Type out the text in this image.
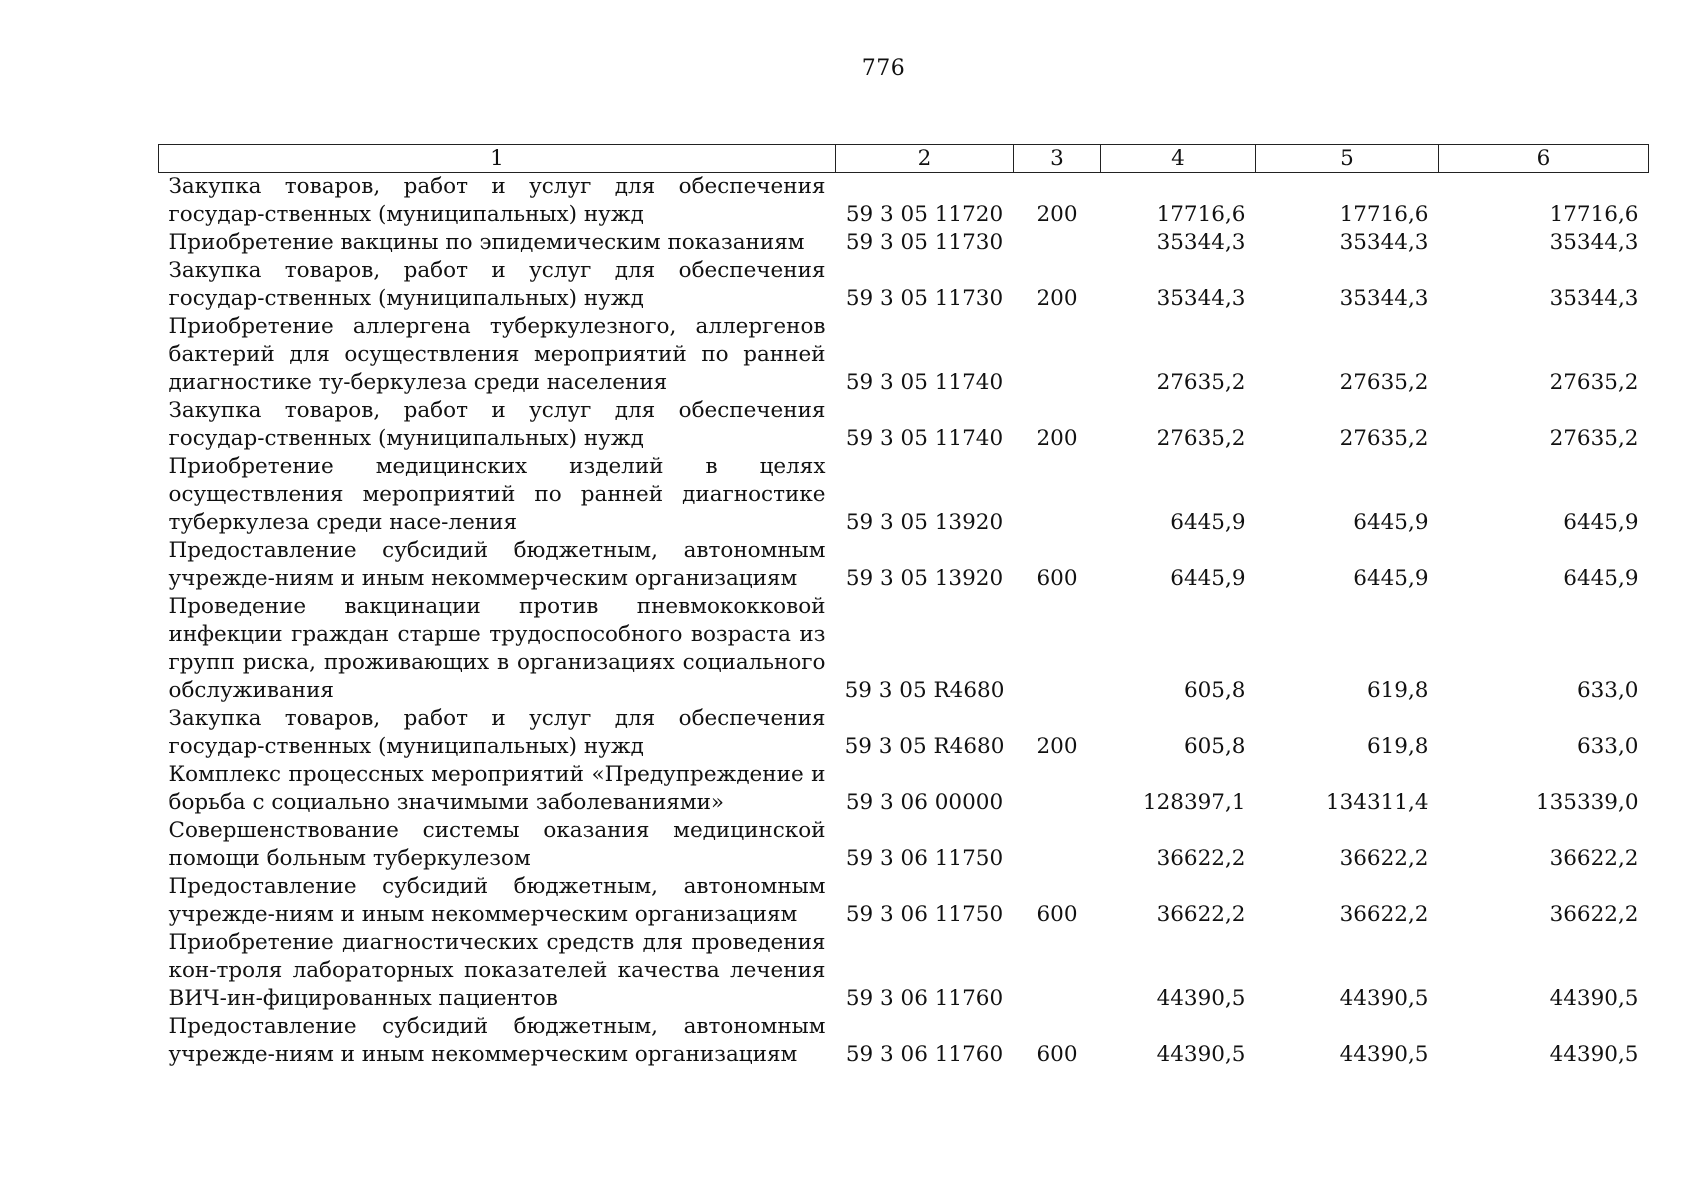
776
1	2	3	4	5	6
Закупка товаров, работ и услуг для обеспечения государ-ственных (муниципальных) нужд	59 3 05 11720	200	17716,6	17716,6	17716,6
Приобретение вакцины по эпидемическим показаниям	59 3 05 11730		35344,3	35344,3	35344,3
Закупка товаров, работ и услуг для обеспечения государ-ственных (муниципальных) нужд	59 3 05 11730	200	35344,3	35344,3	35344,3
Приобретение аллергена туберкулезного, аллергенов бактерий для осуществления мероприятий по ранней диагностике ту-беркулеза среди населения	59 3 05 11740		27635,2	27635,2	27635,2
Закупка товаров, работ и услуг для обеспечения государ-ственных (муниципальных) нужд	59 3 05 11740	200	27635,2	27635,2	27635,2
Приобретение медицинских изделий в целях осуществления мероприятий по ранней диагностике туберкулеза среди насе-ления	59 3 05 13920		6445,9	6445,9	6445,9
Предоставление субсидий бюджетным, автономным учрежде-ниям и иным некоммерческим организациям	59 3 05 13920	600	6445,9	6445,9	6445,9
Проведение вакцинации против пневмококковой инфекции граждан старше трудоспособного возраста из групп риска, проживающих в организациях социального обслуживания	59 3 05 R4680		605,8	619,8	633,0
Закупка товаров, работ и услуг для обеспечения государ-ственных (муниципальных) нужд	59 3 05 R4680	200	605,8	619,8	633,0
Комплекс процессных мероприятий «Предупреждение и борьба с социально значимыми заболеваниями»	59 3 06 00000		128397,1	134311,4	135339,0
Совершенствование системы оказания медицинской помощи больным туберкулезом	59 3 06 11750		36622,2	36622,2	36622,2
Предоставление субсидий бюджетным, автономным учрежде-ниям и иным некоммерческим организациям	59 3 06 11750	600	36622,2	36622,2	36622,2
Приобретение диагностических средств для проведения кон-троля лабораторных показателей качества лечения ВИЧ-ин-фицированных пациентов	59 3 06 11760		44390,5	44390,5	44390,5
Предоставление субсидий бюджетным, автономным учрежде-ниям и иным некоммерческим организациям	59 3 06 11760	600	44390,5	44390,5	44390,5
